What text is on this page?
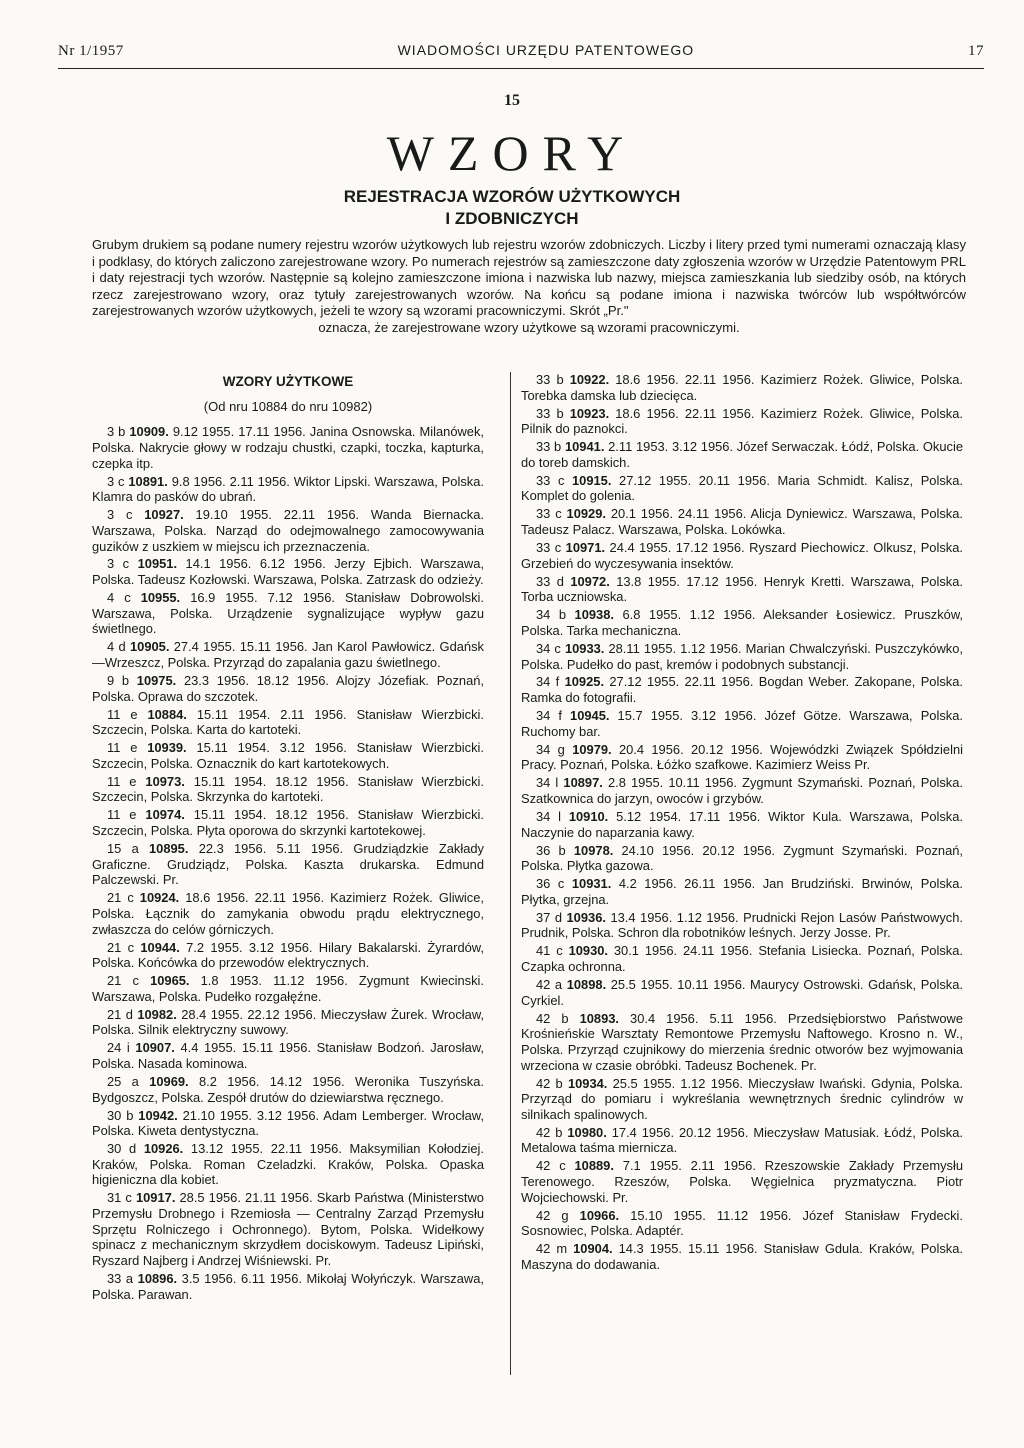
Nr 1/1957	WIADOMOŚCI URZĘDU PATENTOWEGO	17
15
WZORY
REJESTRACJA WZORÓW UŻYTKOWYCH
I ZDOBNICZYCH
Grubym drukiem są podane numery rejestru wzorów użytkowych lub rejestru wzorów zdobniczych. Liczby i litery przed tymi numerami oznaczają klasy i podklasy, do których zaliczono zarejestrowane wzory. Po numerach rejestrów są zamieszczone daty zgłoszenia wzorów w Urzędzie Patentowym PRL i daty rejestracji tych wzorów. Następnie są kolejno zamieszczone imiona i nazwiska lub nazwy, miejsca zamieszkania lub siedziby osób, na których rzecz zarejestrowano wzory, oraz tytuły zarejestrowanych wzorów. Na końcu są podane imiona i nazwiska twórców lub współtwórców zarejestrowanych wzorów użytkowych, jeżeli te wzory są wzorami pracowniczymi. Skrót „Pr."
oznacza, że zarejestrowane wzory użytkowe są wzorami pracowniczymi.
WZORY UŻYTKOWE
(Od nru 10884 do nru 10982)
3 b 10909. 9.12 1955. 17.11 1956. Janina Osnowska. Milanówek, Polska. Nakrycie głowy w rodzaju chustki, czapki, toczka, kapturka, czepka itp.
3 c 10891. 9.8 1956. 2.11 1956. Wiktor Lipski. Warszawa, Polska. Klamra do pasków do ubrań.
3 c 10927. 19.10 1955. 22.11 1956. Wanda Biernacka. Warszawa, Polska. Narząd do odejmowalnego zamocowywania guzików z uszkiem w miejscu ich przeznaczenia.
3 c 10951. 14.1 1956. 6.12 1956. Jerzy Ejbich. Warszawa, Polska. Tadeusz Kozłowski. Warszawa, Polska. Zatrzask do odzieży.
4 c 10955. 16.9 1955. 7.12 1956. Stanisław Dobrowolski. Warszawa, Polska. Urządzenie sygnalizujące wypływ gazu świetlnego.
4 d 10905. 27.4 1955. 15.11 1956. Jan Karol Pawłowicz. Gdańsk—Wrzeszcz, Polska. Przyrząd do zapalania gazu świetlnego.
9 b 10975. 23.3 1956. 18.12 1956. Alojzy Józefiak. Poznań, Polska. Oprawa do szczotek.
11 e 10884. 15.11 1954. 2.11 1956. Stanisław Wierzbicki. Szczecin, Polska. Karta do kartoteki.
11 e 10939. 15.11 1954. 3.12 1956. Stanisław Wierzbicki. Szczecin, Polska. Oznacznik do kart kartotekowych.
11 e 10973. 15.11 1954. 18.12 1956. Stanisław Wierzbicki. Szczecin, Polska. Skrzynka do kartoteki.
11 e 10974. 15.11 1954. 18.12 1956. Stanisław Wierzbicki. Szczecin, Polska. Płyta oporowa do skrzynki kartotekowej.
15 a 10895. 22.3 1956. 5.11 1956. Grudziądzkie Zakłady Graficzne. Grudziądz, Polska. Kaszta drukarska. Edmund Palczewski. Pr.
21 c 10924. 18.6 1956. 22.11 1956. Kazimierz Rożek. Gliwice, Polska. Łącznik do zamykania obwodu prądu elektrycznego, zwłaszcza do celów górniczych.
21 c 10944. 7.2 1955. 3.12 1956. Hilary Bakalarski. Żyrardów, Polska. Końcówka do przewodów elektrycznych.
21 c 10965. 1.8 1953. 11.12 1956. Zygmunt Kwiecinski. Warszawa, Polska. Pudełko rozgałęźne.
21 d 10982. 28.4 1955. 22.12 1956. Mieczysław Żurek. Wrocław, Polska. Silnik elektryczny suwowy.
24 i 10907. 4.4 1955. 15.11 1956. Stanisław Bodzoń. Jarosław, Polska. Nasada kominowa.
25 a 10969. 8.2 1956. 14.12 1956. Weronika Tuszyńska. Bydgoszcz, Polska. Zespół drutów do dziewiarstwa ręcznego.
30 b 10942. 21.10 1955. 3.12 1956. Adam Lemberger. Wrocław, Polska. Kiweta dentystyczna.
30 d 10926. 13.12 1955. 22.11 1956. Maksymilian Kołodziej. Kraków, Polska. Roman Czeladzki. Kraków, Polska. Opaska higieniczna dla kobiet.
31 c 10917. 28.5 1956. 21.11 1956. Skarb Państwa (Ministerstwo Przemysłu Drobnego i Rzemiosła — Centralny Zarząd Przemysłu Sprzętu Rolniczego i Ochronnego). Bytom, Polska. Widełkowy spinacz z mechanicznym skrzydłem dociskowym. Tadeusz Lipiński, Ryszard Najberg i Andrzej Wiśniewski. Pr.
33 a 10896. 3.5 1956. 6.11 1956. Mikołaj Wołyńczyk. Warszawa, Polska. Parawan.
33 b 10922. 18.6 1956. 22.11 1956. Kazimierz Rożek. Gliwice, Polska. Torebka damska lub dziecięca.
33 b 10923. 18.6 1956. 22.11 1956. Kazimierz Rożek. Gliwice, Polska. Pilnik do paznokci.
33 b 10941. 2.11 1953. 3.12 1956. Józef Serwaczak. Łódź, Polska. Okucie do toreb damskich.
33 c 10915. 27.12 1955. 20.11 1956. Maria Schmidt. Kalisz, Polska. Komplet do golenia.
33 c 10929. 20.1 1956. 24.11 1956. Alicja Dyniewicz. Warszawa, Polska. Tadeusz Palacz. Warszawa, Polska. Lokówka.
33 c 10971. 24.4 1955. 17.12 1956. Ryszard Piechowicz. Olkusz, Polska. Grzebień do wyczesywania insektów.
33 d 10972. 13.8 1955. 17.12 1956. Henryk Kretti. Warszawa, Polska. Torba uczniowska.
34 b 10938. 6.8 1955. 1.12 1956. Aleksander Łosiewicz. Pruszków, Polska. Tarka mechaniczna.
34 c 10933. 28.11 1955. 1.12 1956. Marian Chwalczyński. Puszczykówko, Polska. Pudełko do past, kremów i podobnych substancji.
34 f 10925. 27.12 1955. 22.11 1956. Bogdan Weber. Zakopane, Polska. Ramka do fotografii.
34 f 10945. 15.7 1955. 3.12 1956. Józef Götze. Warszawa, Polska. Ruchomy bar.
34 g 10979. 20.4 1956. 20.12 1956. Wojewódzki Związek Spółdzielni Pracy. Poznań, Polska. Łóżko szafkowe. Kazimierz Weiss Pr.
34 l 10897. 2.8 1955. 10.11 1956. Zygmunt Szymański. Poznań, Polska. Szatkownica do jarzyn, owoców i grzybów.
34 l 10910. 5.12 1954. 17.11 1956. Wiktor Kula. Warszawa, Polska. Naczynie do naparzania kawy.
36 b 10978. 24.10 1956. 20.12 1956. Zygmunt Szymański. Poznań, Polska. Płytka gazowa.
36 c 10931. 4.2 1956. 26.11 1956. Jan Brudziński. Brwinów, Polska. Płytka, grzejna.
37 d 10936. 13.4 1956. 1.12 1956. Prudnicki Rejon Lasów Państwowych. Prudnik, Polska. Schron dla robotników leśnych. Jerzy Josse. Pr.
41 c 10930. 30.1 1956. 24.11 1956. Stefania Lisiecka. Poznań, Polska. Czapka ochronna.
42 a 10898. 25.5 1955. 10.11 1956. Maurycy Ostrowski. Gdańsk, Polska. Cyrkiel.
42 b 10893. 30.4 1956. 5.11 1956. Przedsiębiorstwo Państwowe Krośnieńskie Warsztaty Remontowe Przemysłu Naftowego. Krosno n. W., Polska. Przyrząd czujnikowy do mierzenia średnic otworów bez wyjmowania wrzeciona w czasie obróbki. Tadeusz Bochenek. Pr.
42 b 10934. 25.5 1955. 1.12 1956. Mieczysław Iwański. Gdynia, Polska. Przyrząd do pomiaru i wykreślania wewnętrznych średnic cylindrów w silnikach spalinowych.
42 b 10980. 17.4 1956. 20.12 1956. Mieczysław Matusiak. Łódź, Polska. Metalowa taśma miernicza.
42 c 10889. 7.1 1955. 2.11 1956. Rzeszowskie Zakłady Przemysłu Terenowego. Rzeszów, Polska. Węgielnica pryzmatyczna. Piotr Wojciechowski. Pr.
42 g 10966. 15.10 1955. 11.12 1956. Józef Stanisław Frydecki. Sosnowiec, Polska. Adaptér.
42 m 10904. 14.3 1955. 15.11 1956. Stanisław Gdula. Kraków, Polska. Maszyna do dodawania.
